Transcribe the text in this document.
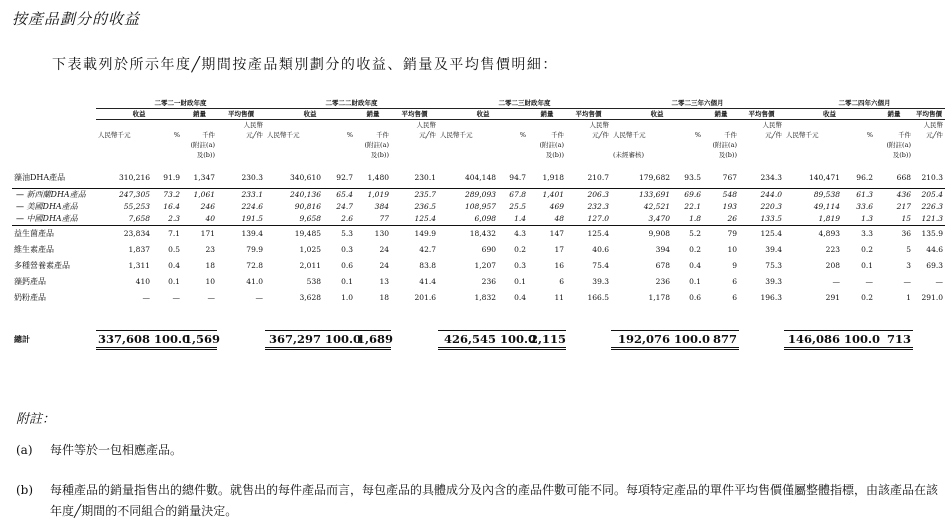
按產品劃分的收益
下表載列於所示年度╱期間按產品類別劃分的收益、銷量及平均售價明細：
	二零二一財政年度				二零二二財政年度				二零二三財政年度				二零二三年六個月				二零二四年六個月			
	收益		銷量	平均售價	收益		銷量	平均售價	收益		銷量	平均售價	收益		銷量	平均售價	收益		銷量	平均售價
				人民幣				人民幣				人民幣				人民幣				人民幣
	人民幣千元	%	千件	元╱件	人民幣千元	%	千件	元╱件	人民幣千元	%	千件	元╱件	人民幣千元	%	千件	元╱件	人民幣千元	%	千件	元╱件
			(附註(a)				(附註(a)				(附註(a)				(附註(a)				(附註(a)	
			及(b))				及(b))				及(b))		(未經審核)		及(b))				及(b))	

藻油DHA產品	310,216	91.9	1,347	230.3	340,610	92.7	1,480	230.1	404,148	94.7	1,918	210.7	179,682	93.5	767	234.3	140,471	96.2	668	210.3
— 新西蘭DHA產品	247,305	73.2	1,061	233.1	240,136	65.4	1,019	235.7	289,093	67.8	1,401	206.3	133,691	69.6	548	244.0	89,538	61.3	436	205.4
— 美國DHA產品	55,253	16.4	246	224.6	90,816	24.7	384	236.5	108,957	25.5	469	232.3	42,521	22.1	193	220.3	49,114	33.6	217	226.3
— 中國DHA產品	7,658	2.3	40	191.5	9,658	2.6	77	125.4	6,098	1.4	48	127.0	3,470	1.8	26	133.5	1,819	1.3	15	121.3
益生菌產品	23,834	7.1	171	139.4	19,485	5.3	130	149.9	18,432	4.3	147	125.4	9,908	5.2	79	125.4	4,893	3.3	36	135.9
維生素產品	1,837	0.5	23	79.9	1,025	0.3	24	42.7	690	0.2	17	40.6	394	0.2	10	39.4	223	0.2	5	44.6
多種營養素產品	1,311	0.4	18	72.8	2,011	0.6	24	83.8	1,207	0.3	16	75.4	678	0.4	9	75.3	208	0.1	3	69.3
藻鈣產品	410	0.1	10	41.0	538	0.1	13	41.4	236	0.1	6	39.3	236	0.1	6	39.3	—	—	—	—
奶粉產品	—	—	—	—	3,628	1.0	18	201.6	1,832	0.4	11	166.5	1,178	0.6	6	196.3	291	0.2	1	291.0

總計	337,608	100.0	1,569		367,297	100.0	1,689		426,545	100.0	2,115		192,076	100.0	877		146,086	100.0	713	
附註：
(a) 每件等於一包相應產品。
(b) 每種產品的銷量指售出的總件數。就售出的每件產品而言，每包產品的具體成分及內含的產品件數可能不同。每項特定產品的單件平均售價僅屬整體指標，由該產品在該年度╱期間的不同組合的銷量決定。
